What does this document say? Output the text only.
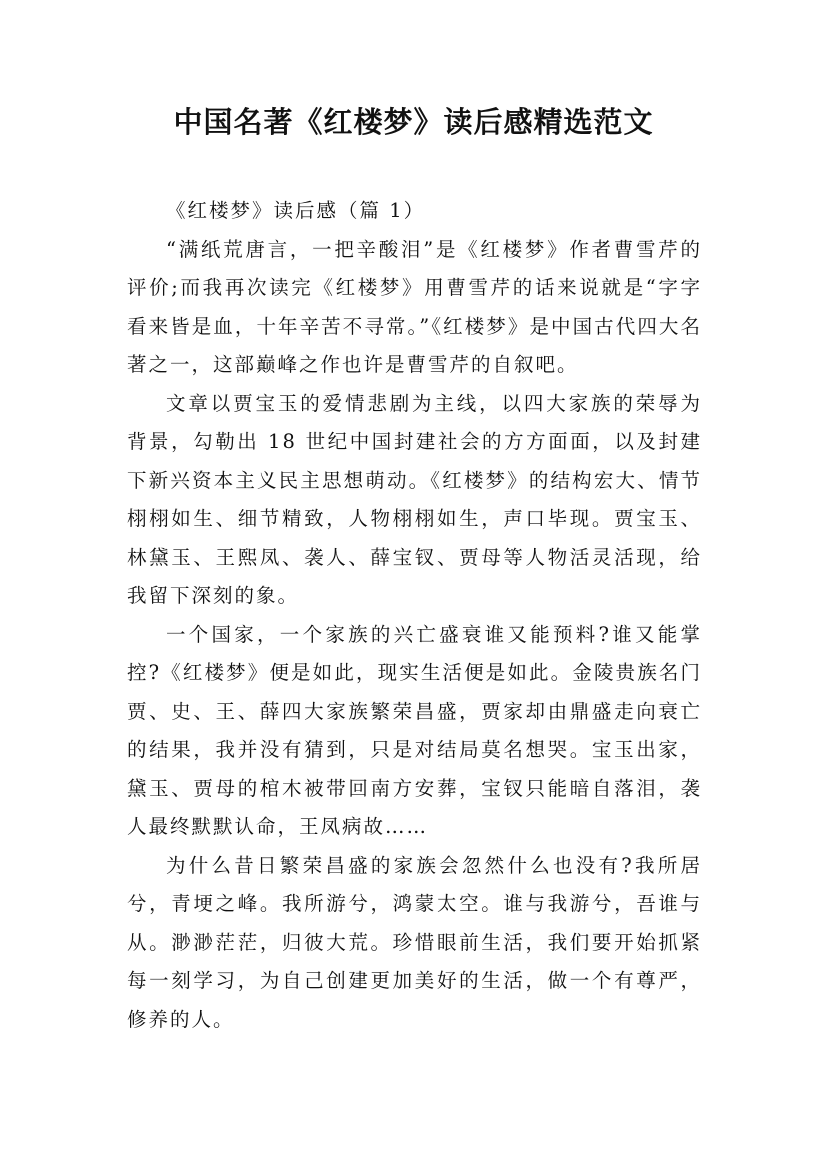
中国名著《红楼梦》读后感精选范文

《红楼梦》读后感（篇 1）

“满纸荒唐言，一把辛酸泪”是《红楼梦》作者曹雪芹的评价;而我再次读完《红楼梦》用曹雪芹的话来说就是“字字看来皆是血，十年辛苦不寻常。”《红楼梦》是中国古代四大名著之一，这部巅峰之作也许是曹雪芹的自叙吧。

文章以贾宝玉的爱情悲剧为主线，以四大家族的荣辱为背景，勾勒出 18 世纪中国封建社会的方方面面，以及封建下新兴资本主义民主思想萌动。《红楼梦》的结构宏大、情节栩栩如生、细节精致，人物栩栩如生，声口毕现。贾宝玉、林黛玉、王熙凤、袭人、薛宝钗、贾母等人物活灵活现，给我留下深刻的象。

一个国家，一个家族的兴亡盛衰谁又能预料?谁又能掌控?《红楼梦》便是如此，现实生活便是如此。金陵贵族名门贾、史、王、薛四大家族繁荣昌盛，贾家却由鼎盛走向衰亡的结果，我并没有猜到，只是对结局莫名想哭。宝玉出家，黛玉、贾母的棺木被带回南方安葬，宝钗只能暗自落泪，袭人最终默默认命，王凤病故……

为什么昔日繁荣昌盛的家族会忽然什么也没有?我所居兮，青埂之峰。我所游兮，鸿蒙太空。谁与我游兮，吾谁与从。渺渺茫茫，归彼大荒。珍惜眼前生活，我们要开始抓紧每一刻学习，为自己创建更加美好的生活，做一个有尊严，修养的人。
